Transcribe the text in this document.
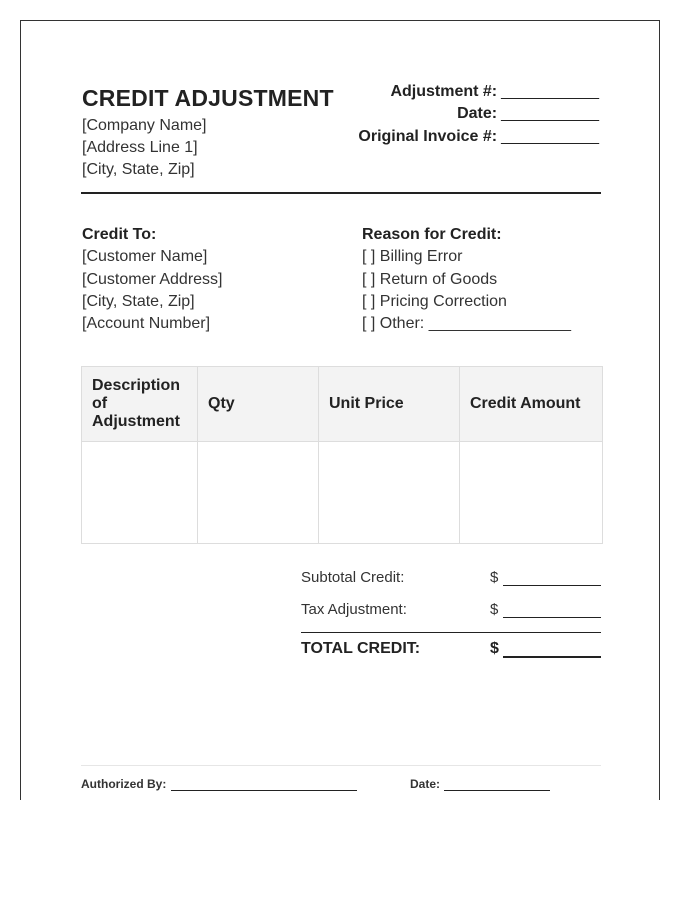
CREDIT ADJUSTMENT
[Company Name]
[Address Line 1]
[City, State, Zip]
Adjustment #: ___________
Date: ___________
Original Invoice #: ___________
Credit To:
[Customer Name]
[Customer Address]
[City, State, Zip]
[Account Number]
Reason for Credit:
[ ] Billing Error
[ ] Return of Goods
[ ] Pricing Correction
[ ] Other: ________________
Description of Adjustment	Qty	Unit Price	Credit Amount

Subtotal Credit:	$
Tax Adjustment:	$
TOTAL CREDIT:	$
Authorized By:	Date:
